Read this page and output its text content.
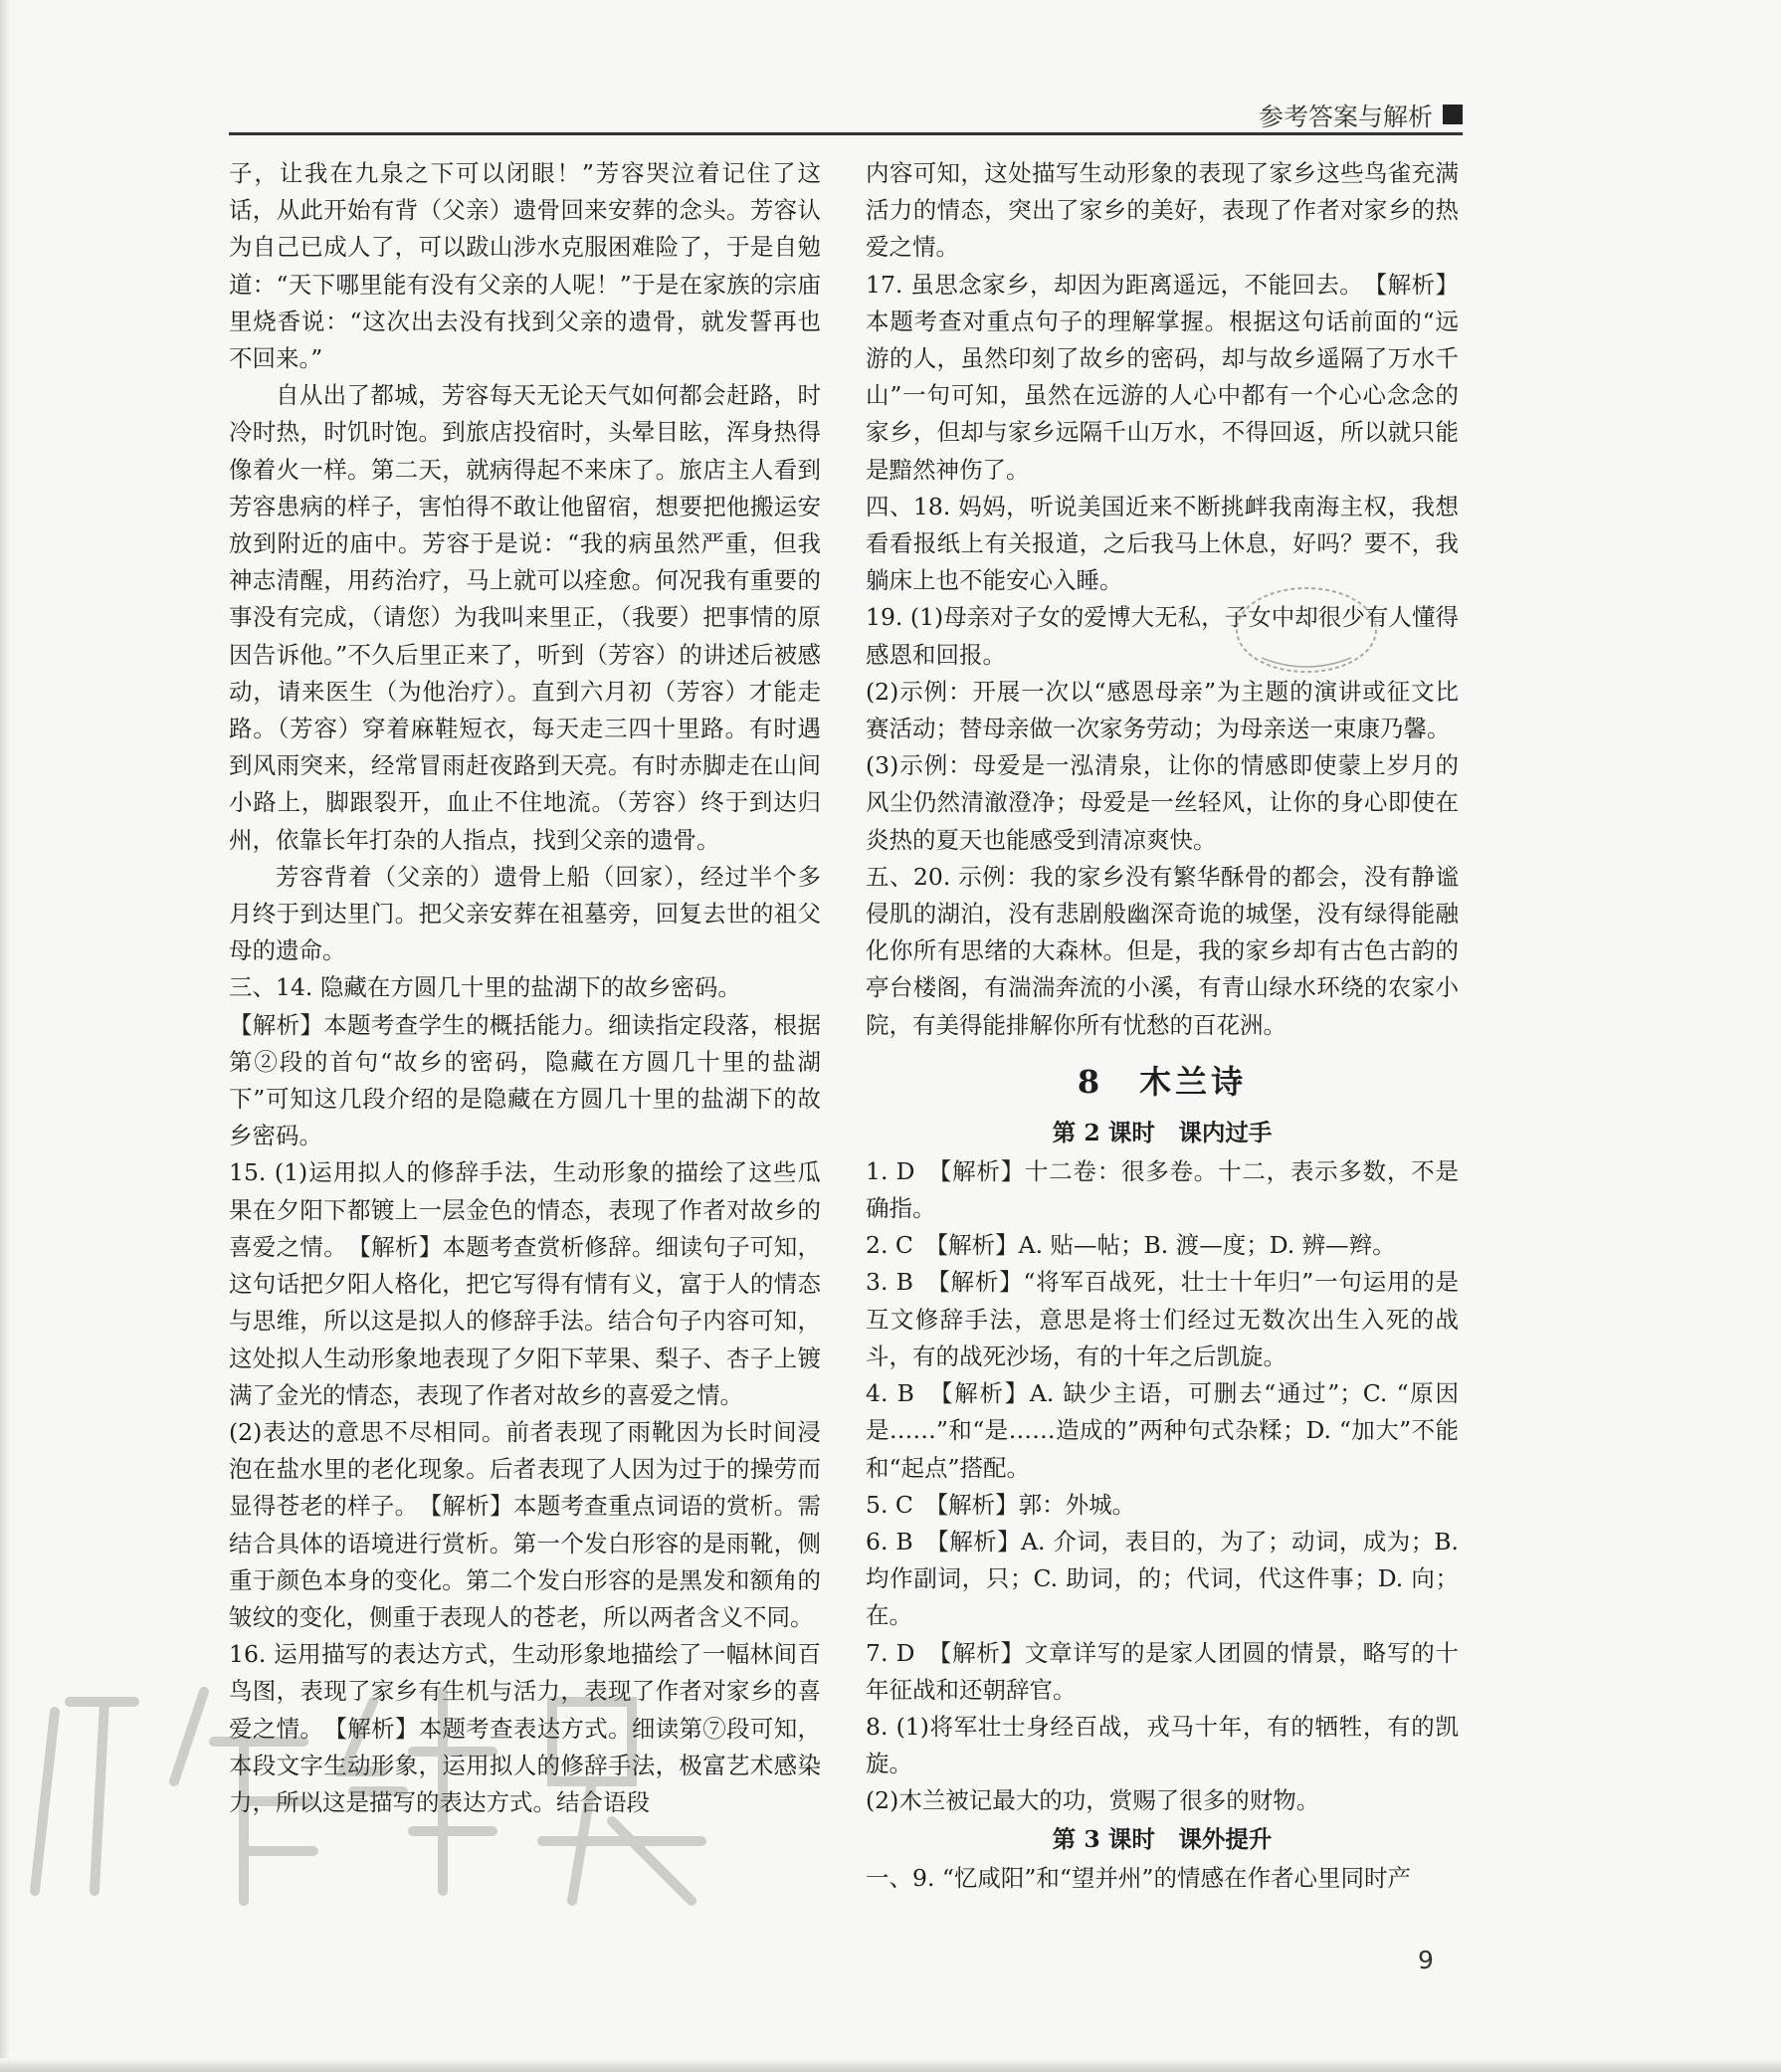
参考答案与解析

子，让我在九泉之下可以闭眼！”芳容哭泣着记住了这话，从此开始有背（父亲）遗骨回来安葬的念头。芳容认为自己已成人了，可以跋山涉水克服困难险了，于是自勉道：“天下哪里能有没有父亲的人呢！”于是在家族的宗庙里烧香说：“这次出去没有找到父亲的遗骨，就发誓再也不回来。”

自从出了都城，芳容每天无论天气如何都会赶路，时冷时热，时饥时饱。到旅店投宿时，头晕目眩，浑身热得像着火一样。第二天，就病得起不来床了。旅店主人看到芳容患病的样子，害怕得不敢让他留宿，想要把他搬运安放到附近的庙中。芳容于是说：“我的病虽然严重，但我神志清醒，用药治疗，马上就可以痊愈。何况我有重要的事没有完成，（请您）为我叫来里正，（我要）把事情的原因告诉他。”不久后里正来了，听到（芳容）的讲述后被感动，请来医生（为他治疗）。直到六月初（芳容）才能走路。（芳容）穿着麻鞋短衣，每天走三四十里路。有时遇到风雨突来，经常冒雨赶夜路到天亮。有时赤脚走在山间小路上，脚跟裂开，血止不住地流。（芳容）终于到达归州，依靠长年打杂的人指点，找到父亲的遗骨。

芳容背着（父亲的）遗骨上船（回家），经过半个多月终于到达里门。把父亲安葬在祖墓旁，回复去世的祖父母的遗命。

三、14. 隐藏在方圆几十里的盐湖下的故乡密码。

【解析】本题考查学生的概括能力。细读指定段落，根据第②段的首句“故乡的密码，隐藏在方圆几十里的盐湖下”可知这几段介绍的是隐藏在方圆几十里的盐湖下的故乡密码。

15. (1)运用拟人的修辞手法，生动形象的描绘了这些瓜果在夕阳下都镀上一层金色的情态，表现了作者对故乡的喜爱之情。　【解析】本题考查赏析修辞。细读句子可知，这句话把夕阳人格化，把它写得有情有义，富于人的情态与思维，所以这是拟人的修辞手法。结合句子内容可知，这处拟人生动形象地表现了夕阳下苹果、梨子、杏子上镀满了金光的情态，表现了作者对故乡的喜爱之情。

(2)表达的意思不尽相同。前者表现了雨靴因为长时间浸泡在盐水里的老化现象。后者表现了人因为过于的操劳而显得苍老的样子。　【解析】本题考查重点词语的赏析。需结合具体的语境进行赏析。第一个发白形容的是雨靴，侧重于颜色本身的变化。第二个发白形容的是黑发和额角的皱纹的变化，侧重于表现人的苍老，所以两者含义不同。

16. 运用描写的表达方式，生动形象地描绘了一幅林间百鸟图，表现了家乡有生机与活力，表现了作者对家乡的喜爱之情。　【解析】本题考查表达方式。细读第⑦段可知，本段文字生动形象，运用拟人的修辞手法，极富艺术感染力，所以这是描写的表达方式。结合语段

内容可知，这处描写生动形象的表现了家乡这些鸟雀充满活力的情态，突出了家乡的美好，表现了作者对家乡的热爱之情。

17. 虽思念家乡，却因为距离遥远，不能回去。　【解析】本题考查对重点句子的理解掌握。根据这句话前面的“远游的人，虽然印刻了故乡的密码，却与故乡遥隔了万水千山”一句可知，虽然在远游的人心中都有一个心心念念的家乡，但却与家乡远隔千山万水，不得回返，所以就只能是黯然神伤了。

四、18. 妈妈，听说美国近来不断挑衅我南海主权，我想看看报纸上有关报道，之后我马上休息，好吗？要不，我躺床上也不能安心入睡。

19. (1)母亲对子女的爱博大无私，子女中却很少有人懂得感恩和回报。

(2)示例：开展一次以“感恩母亲”为主题的演讲或征文比赛活动；替母亲做一次家务劳动；为母亲送一束康乃馨。

(3)示例：母爱是一泓清泉，让你的情感即使蒙上岁月的风尘仍然清澈澄净；母爱是一丝轻风，让你的身心即使在炎热的夏天也能感受到清凉爽快。

五、20. 示例：我的家乡没有繁华酥骨的都会，没有静谧侵肌的湖泊，没有悲剧般幽深奇诡的城堡，没有绿得能融化你所有思绪的大森林。但是，我的家乡却有古色古韵的亭台楼阁，有湍湍奔流的小溪，有青山绿水环绕的农家小院，有美得能排解你所有忧愁的百花洲。

8　木兰诗
第 2 课时　课内过手

1. D　【解析】十二卷：很多卷。十二，表示多数，不是确指。

2. C　【解析】A. 贴—帖；B. 渡—度；D. 辨—辫。

3. B　【解析】“将军百战死，壮士十年归”一句运用的是互文修辞手法，意思是将士们经过无数次出生入死的战斗，有的战死沙场，有的十年之后凯旋。

4. B　【解析】A. 缺少主语，可删去“通过”；C. “原因是……”和“是……造成的”两种句式杂糅；D. “加大”不能和“起点”搭配。

5. C　【解析】郭：外城。

6. B　【解析】A. 介词，表目的，为了；动词，成为；B. 均作副词，只；C. 助词，的；代词，代这件事；D. 向；在。

7. D　【解析】文章详写的是家人团圆的情景，略写的十年征战和还朝辞官。

8. (1)将军壮士身经百战，戎马十年，有的牺牲，有的凯旋。

(2)木兰被记最大的功，赏赐了很多的财物。

第 3 课时　课外提升

一、9. “忆咸阳”和“望并州”的情感在作者心里同时产

9
